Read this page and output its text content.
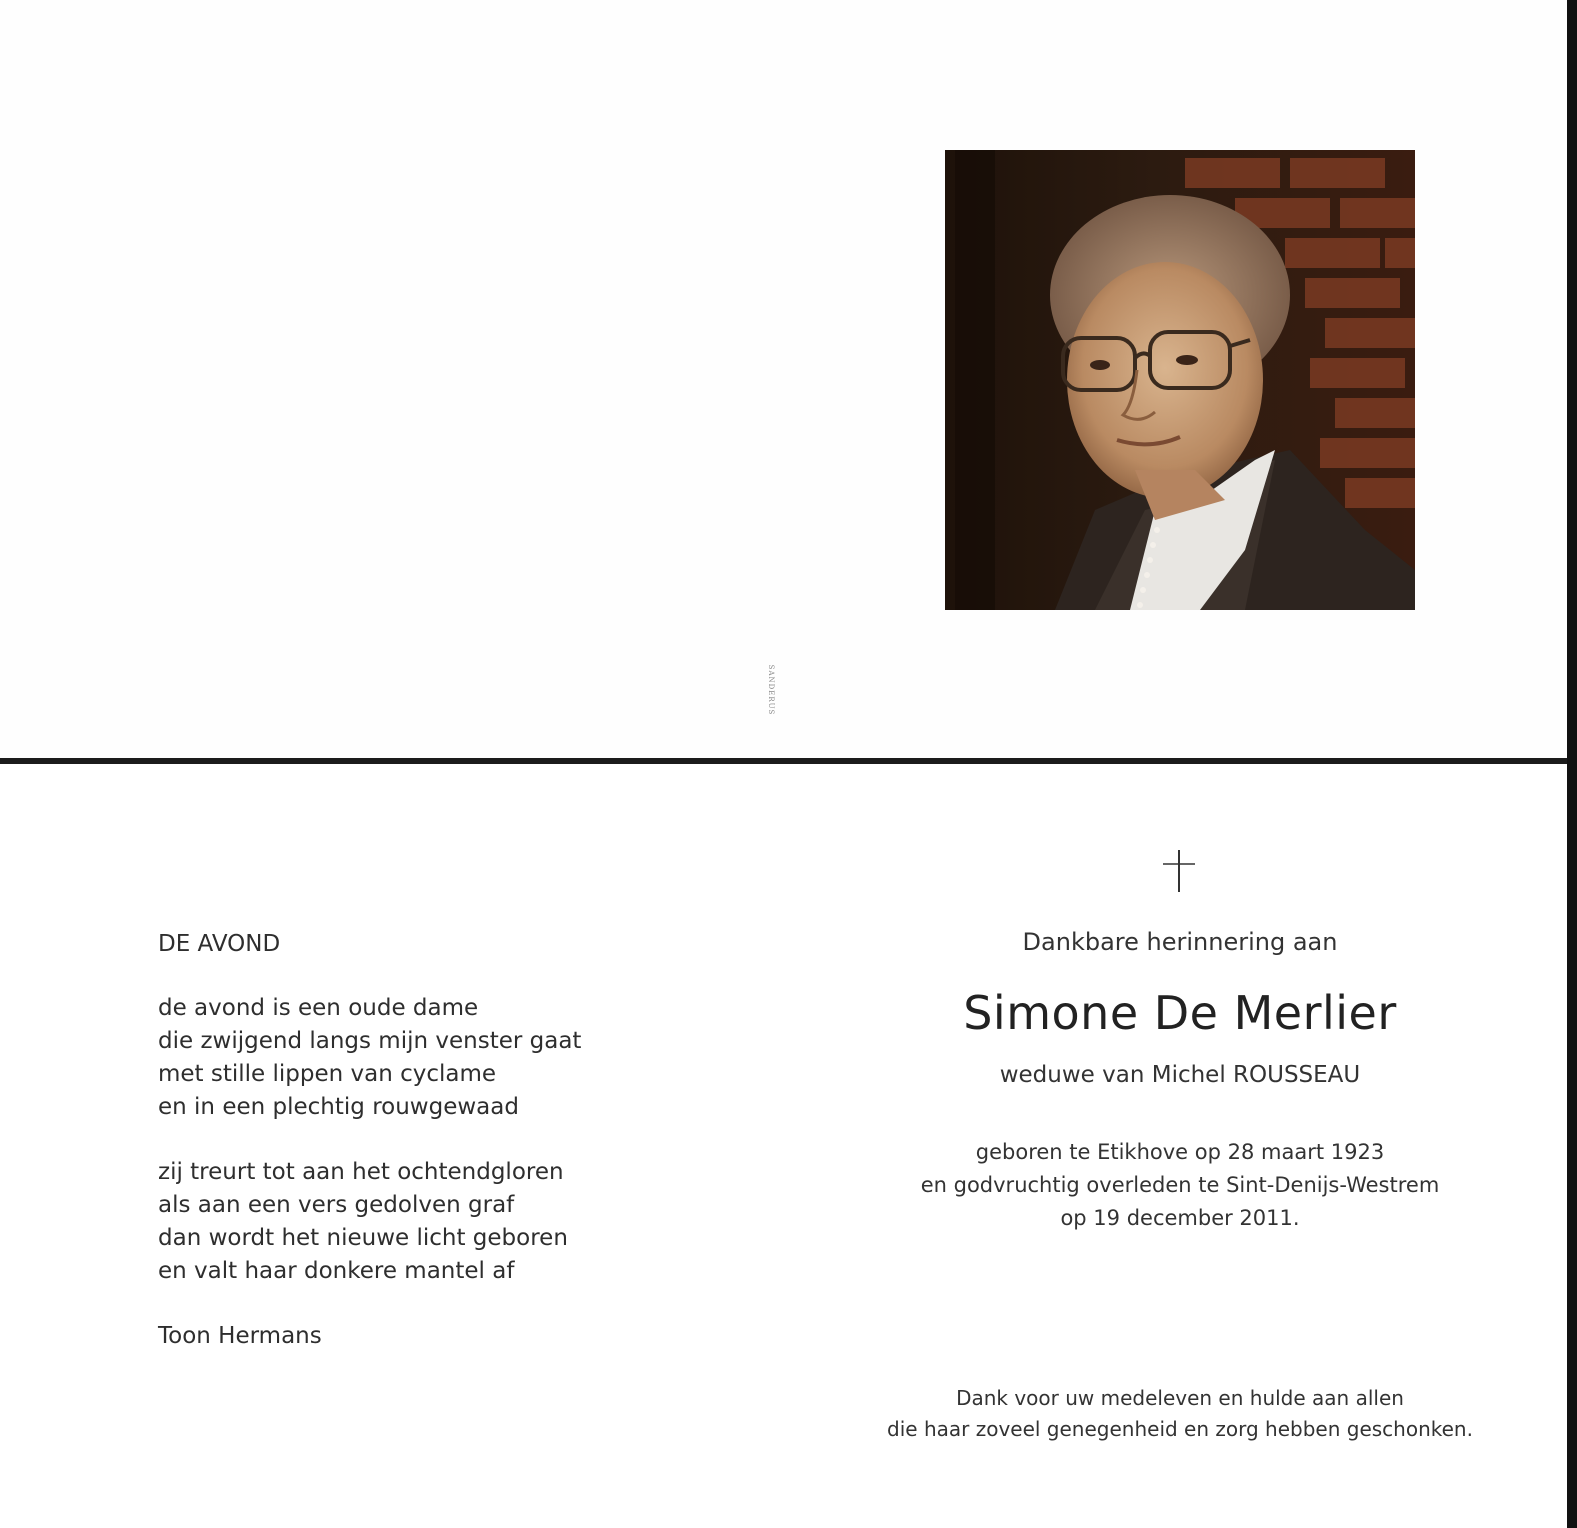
SANDERUS
DE AVOND
de avond is een oude dame
die zwijgend langs mijn venster gaat
met stille lippen van cyclame
en in een plechtig rouwgewaad
zij treurt tot aan het ochtendgloren
als aan een vers gedolven graf
dan wordt het nieuwe licht geboren
en valt haar donkere mantel af
Toon Hermans
Dankbare herinnering aan
Simone De Merlier
weduwe van Michel ROUSSEAU
geboren te Etikhove op 28 maart 1923
en godvruchtig overleden te Sint-Denijs-Westrem
op 19 december 2011.
Dank voor uw medeleven en hulde aan allen
die haar zoveel genegenheid en zorg hebben geschonken.
